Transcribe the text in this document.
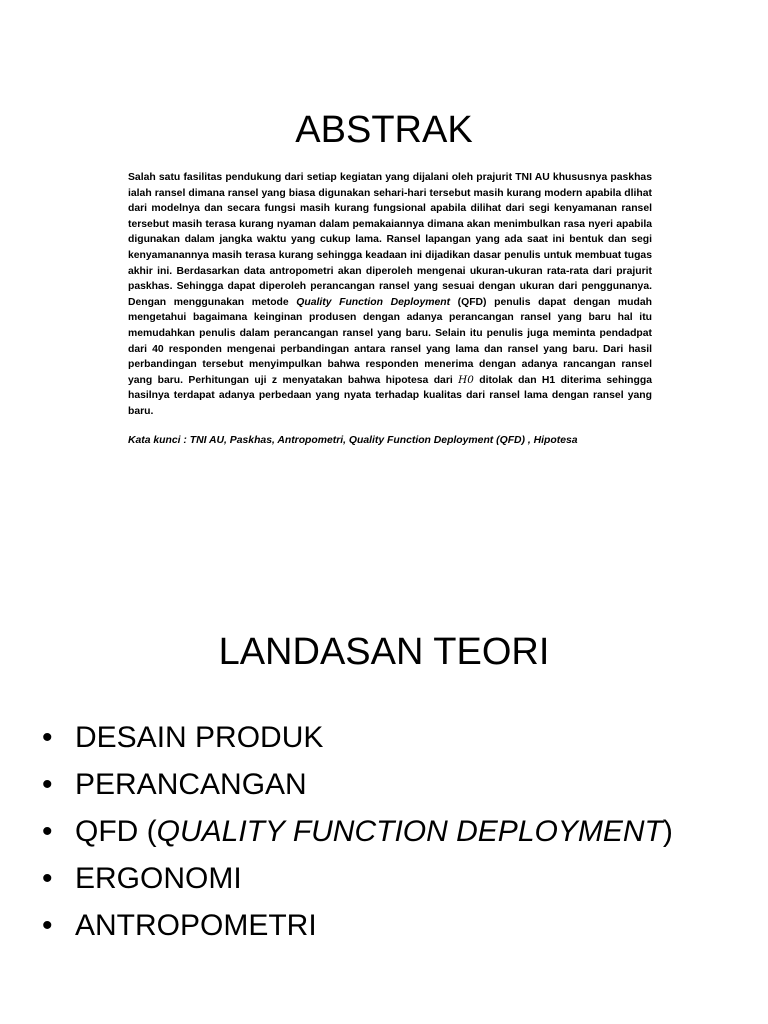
ABSTRAK

Salah satu fasilitas pendukung dari setiap kegiatan yang dijalani oleh prajurit TNI AU khususnya paskhas ialah ransel dimana ransel yang biasa digunakan sehari-hari tersebut masih kurang modern apabila dlihat dari modelnya dan secara fungsi masih kurang fungsional apabila dilihat dari segi kenyamanan ransel tersebut masih terasa kurang nyaman dalam pemakaiannya dimana akan menimbulkan rasa nyeri apabila digunakan dalam jangka waktu yang cukup lama. Ransel lapangan yang ada saat ini bentuk dan segi kenyamanannya masih terasa kurang sehingga keadaan ini dijadikan dasar penulis untuk membuat tugas akhir ini. Berdasarkan data antropometri akan diperoleh mengenai ukuran-ukuran rata-rata dari prajurit paskhas. Sehingga dapat diperoleh perancangan ransel yang sesuai dengan ukuran dari penggunanya. Dengan menggunakan metode Quality Function Deployment (QFD) penulis dapat dengan mudah mengetahui bagaimana keinginan produsen dengan adanya perancangan ransel yang baru hal itu memudahkan penulis dalam perancangan ransel yang baru. Selain itu penulis juga meminta pendadpat dari 40 responden mengenai perbandingan antara ransel yang lama dan ransel yang baru. Dari hasil perbandingan tersebut menyimpulkan bahwa responden menerima dengan adanya rancangan ransel yang baru. Perhitungan uji z menyatakan bahwa hipotesa dari H0 ditolak dan H1 diterima sehingga hasilnya terdapat adanya perbedaan yang nyata terhadap kualitas dari ransel lama dengan ransel yang baru.

Kata kunci : TNI AU, Paskhas, Antropometri, Quality Function Deployment (QFD) , Hipotesa

LANDASAN TEORI
• DESAIN PRODUK
• PERANCANGAN
• QFD (QUALITY FUNCTION DEPLOYMENT)
• ERGONOMI
• ANTROPOMETRI
